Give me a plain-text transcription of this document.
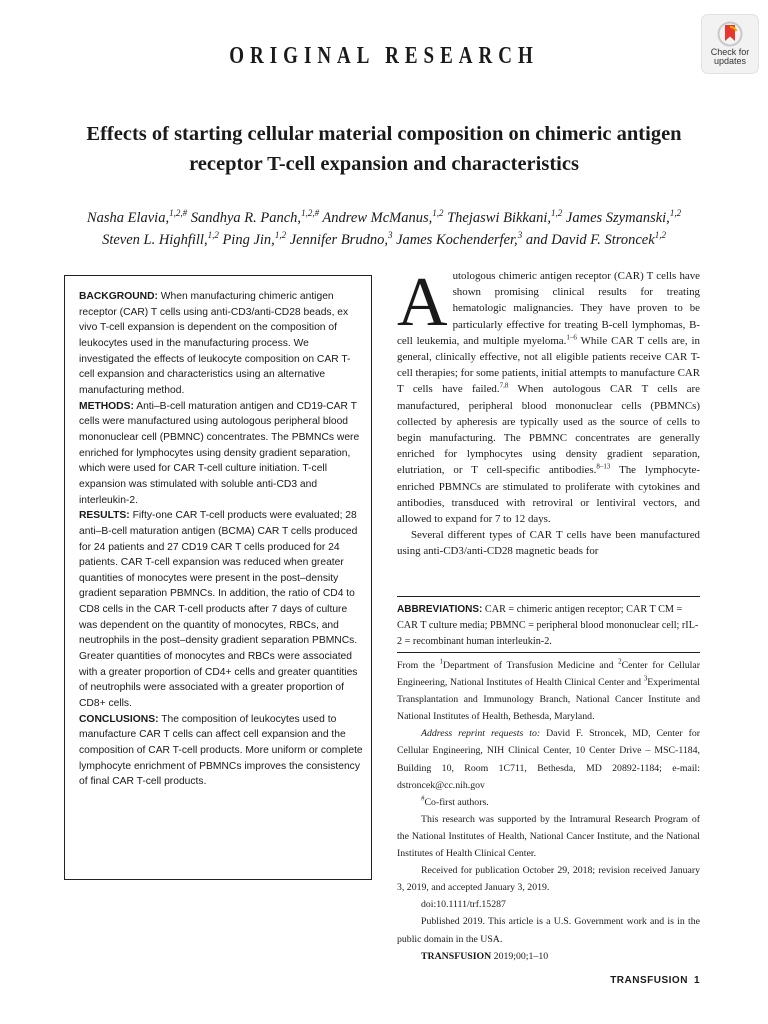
ORIGINAL RESEARCH	Check for
updates
Effects of starting cellular material composition on chimeric antigen
receptor T-cell expansion and characteristics

Nasha Elavia,$^{1,2,\#}$ Sandhya R. Panch,$^{1,2,\#}$ Andrew McManus,$^{1,2}$ Thejaswi Bikkani,$^{1,2}$ James Szymanski,$^{1,2}$
Steven L. Highfill,$^{1,2}$ Ping Jin,$^{1,2}$ Jennifer Brudno,$^3$ James Kochenderfer,$^3$ and David F. Stroncek$^{1,2}$

BACKGROUND: When manufacturing chimeric antigen receptor (CAR) T cells using anti-CD3/anti-CD28 beads, ex vivo T-cell expansion is dependent on the composition of leukocytes used in the manufacturing process. We investigated the effects of leukocyte composition on CAR T-cell expansion and characteristics using an alternative manufacturing method.

METHODS: Anti–B-cell maturation antigen and CD19-CAR T cells were manufactured using autologous peripheral blood mononuclear cell (PBMNC) concentrates. The PBMNCs were enriched for lymphocytes using density gradient separation, which were used for CAR T-cell culture initiation. T-cell expansion was stimulated with soluble anti-CD3 and interleukin-2.

RESULTS: Fifty-one CAR T-cell products were evaluated; 28 anti–B-cell maturation antigen (BCMA) CAR T cells produced for 24 patients and 27 CD19 CAR T cells produced for 24 patients. CAR T-cell expansion was reduced when greater quantities of monocytes were present in the post–density gradient separation PBMNCs. In addition, the ratio of CD4 to CD8 cells in the CAR T-cell products after 7 days of culture was dependent on the quantity of monocytes, RBCs, and neutrophils in the post–density gradient separation PBMNCs. Greater quantities of monocytes and RBCs were associated with a greater proportion of CD4+ cells and greater quantities of neutrophils were associated with a greater proportion of CD8+ cells.

CONCLUSIONS: The composition of leukocytes used to manufacture CAR T cells can affect cell expansion and the composition of CAR T-cell products. More uniform or complete lymphocyte enrichment of PBMNCs improves the consistency of final CAR T-cell products.

Autologous chimeric antigen receptor (CAR) T cells have shown promising clinical results for treating hematologic malignancies. They have proven to be particularly effective for treating B-cell lymphomas, B-cell leukemia, and multiple myeloma.$^{1-6}$ While CAR T cells are, in general, clinically effective, not all eligible patients receive CAR T-cell therapies; for some patients, initial attempts to manufacture CAR T cells have failed.$^{7,8}$ When autologous CAR T cells are manufactured, peripheral blood mononuclear cells (PBMNCs) collected by apheresis are typically used as the source of cells to begin manufacturing. The PBMNC concentrates are generally enriched for lymphocytes using density gradient separation, elutriation, or T cell-specific antibodies.$^{8-13}$ The lymphocyte-enriched PBMNCs are stimulated to proliferate with cytokines and antibodies, transduced with retroviral or lentiviral vectors, and allowed to expand for 7 to 12 days.

Several different types of CAR T cells have been manufactured using anti-CD3/anti-CD28 magnetic beads for

ABBREVIATIONS: CAR = chimeric antigen receptor; CAR T CM = CAR T culture media; PBMNC = peripheral blood mononuclear cell; rIL-2 = recombinant human interleukin-2.

From the $^1$Department of Transfusion Medicine and $^2$Center for Cellular Engineering, National Institutes of Health Clinical Center and $^3$Experimental Transplantation and Immunology Branch, National Cancer Institute and National Institutes of Health, Bethesda, Maryland.

Address reprint requests to: David F. Stroncek, MD, Center for Cellular Engineering, NIH Clinical Center, 10 Center Drive – MSC-1184, Building 10, Room 1C711, Bethesda, MD 20892-1184; e-mail: dstroncek@cc.nih.gov

#Co-first authors.

This research was supported by the Intramural Research Program of the National Institutes of Health, National Cancer Institute, and the National Institutes of Health Clinical Center.

Received for publication October 29, 2018; revision received January 3, 2019, and accepted January 3, 2019.

doi:10.1111/trf.15287

Published 2019. This article is a U.S. Government work and is in the public domain in the USA.

TRANSFUSION 2019;00;1–10

TRANSFUSION 1
